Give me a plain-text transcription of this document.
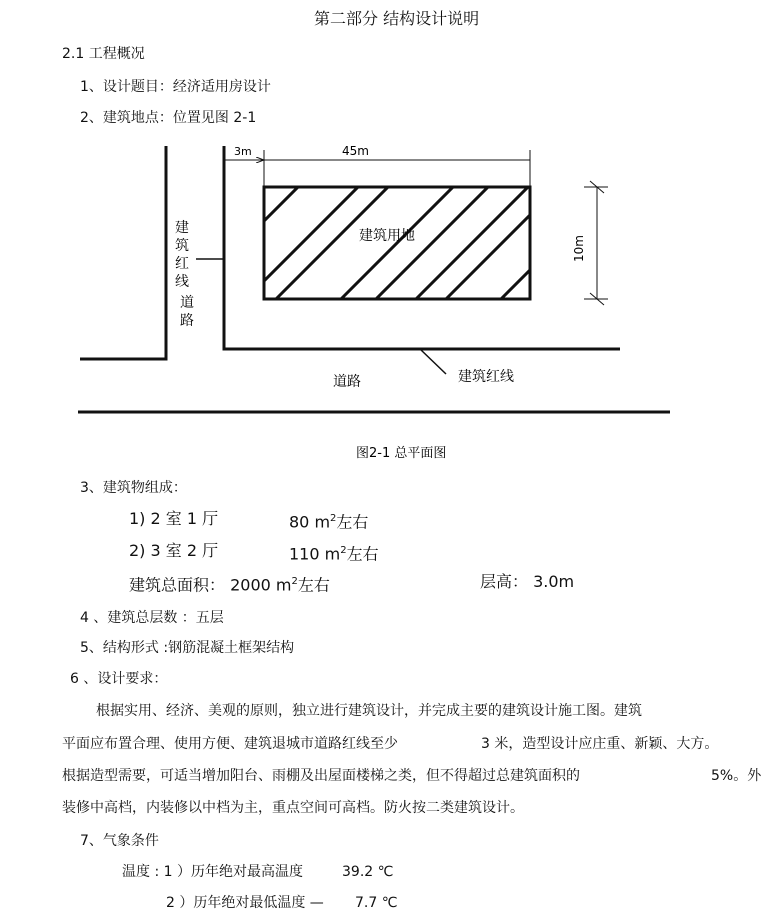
第二部分 结构设计说明
2.1 工程概况
1、设计题目：经济适用房设计
2、建筑地点：位置见图 2-1
3m	45m
10m
建筑用地
建
筑
红
线
道
路
道路	建筑红线
图2-1 总平面图
3、建筑物组成：
1) 2 室 1 厅	80 $m^2$左右
2) 3 室 2 厅	110 $m^2$左右
建筑总面积： 2000 $m^2$左右	层高： 3.0m
4 、建筑总层数 ：五层
5、结构形式 :钢筋混凝土框架结构
6 、设计要求：
根据实用、经济、美观的原则，独立进行建筑设计，并完成主要的建筑设计施工图。建筑
平面应布置合理、使用方便、建筑退城市道路红线至少	3 米，造型设计应庄重、新颖、大方。
根据造型需要，可适当增加阳台、雨棚及出屋面楼梯之类，但不得超过总建筑面积的	5%。外
装修中高档，内装修以中档为主，重点空间可高档。防火按二类建筑设计。
7、气象条件
温度 : 1 ）历年绝对最高温度	39.2 ℃
2 ）历年绝对最低温度 — 7.7 ℃
